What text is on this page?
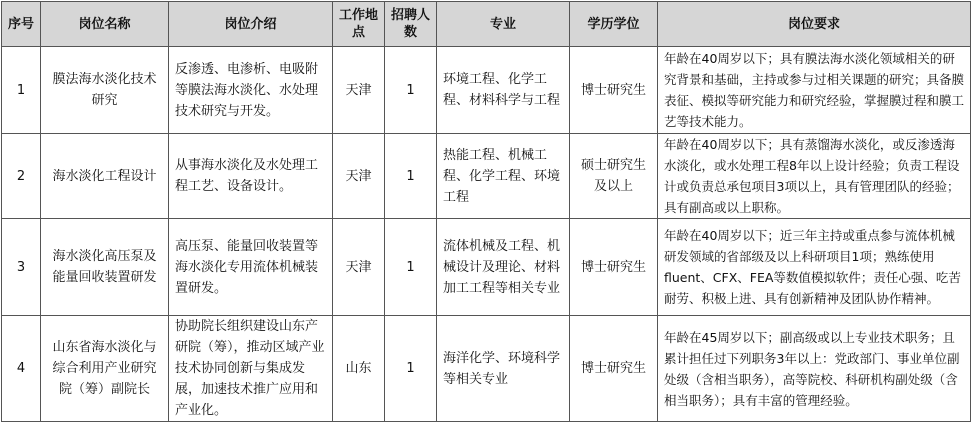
序号	岗位名称	岗位介绍	工作地点	招聘人数	专业	学历学位	岗位要求
1	膜法海水淡化技术研究	反渗透、电渗析、电吸附等膜法海水淡化、水处理技术研究与开发。	天津	1	环境工程、化学工程、材料科学与工程	博士研究生	年龄在40周岁以下；具有膜法海水淡化领域相关的研究背景和基础，主持或参与过相关课题的研究；具备膜表征、模拟等研究能力和研究经验，掌握膜过程和膜工艺等技术能力。
2	海水淡化工程设计	从事海水淡化及水处理工程工艺、设备设计。	天津	1	热能工程、机械工程、化学工程、环境工程	硕士研究生及以上	年龄在40周岁以下；具有蒸馏海水淡化，或反渗透海水淡化，或水处理工程8年以上设计经验；负责工程设计或负责总承包项目3项以上，具有管理团队的经验；具有副高或以上职称。
3	海水淡化高压泵及能量回收装置研发	高压泵、能量回收装置等海水淡化专用流体机械装置研发。	天津	1	流体机械及工程、机械设计及理论、材料加工工程等相关专业	博士研究生	年龄在40周岁以下；近三年主持或重点参与流体机械研发领域的省部级及以上科研项目1项；熟练使用fluent、CFX、FEA等数值模拟软件；责任心强、吃苦耐劳、积极上进、具有创新精神及团队协作精神。
4	山东省海水淡化与综合利用产业研究院（筹）副院长	协助院长组织建设山东产研院（筹），推动区域产业技术协同创新与集成发展，加速技术推广应用和产业化。	山东	1	海洋化学、环境科学等相关专业	博士研究生	年龄在45周岁以下；副高级或以上专业技术职务；且累计担任过下列职务3年以上：党政部门、事业单位副处级（含相当职务），高等院校、科研机构副处级（含相当职务）；具有丰富的管理经验。
